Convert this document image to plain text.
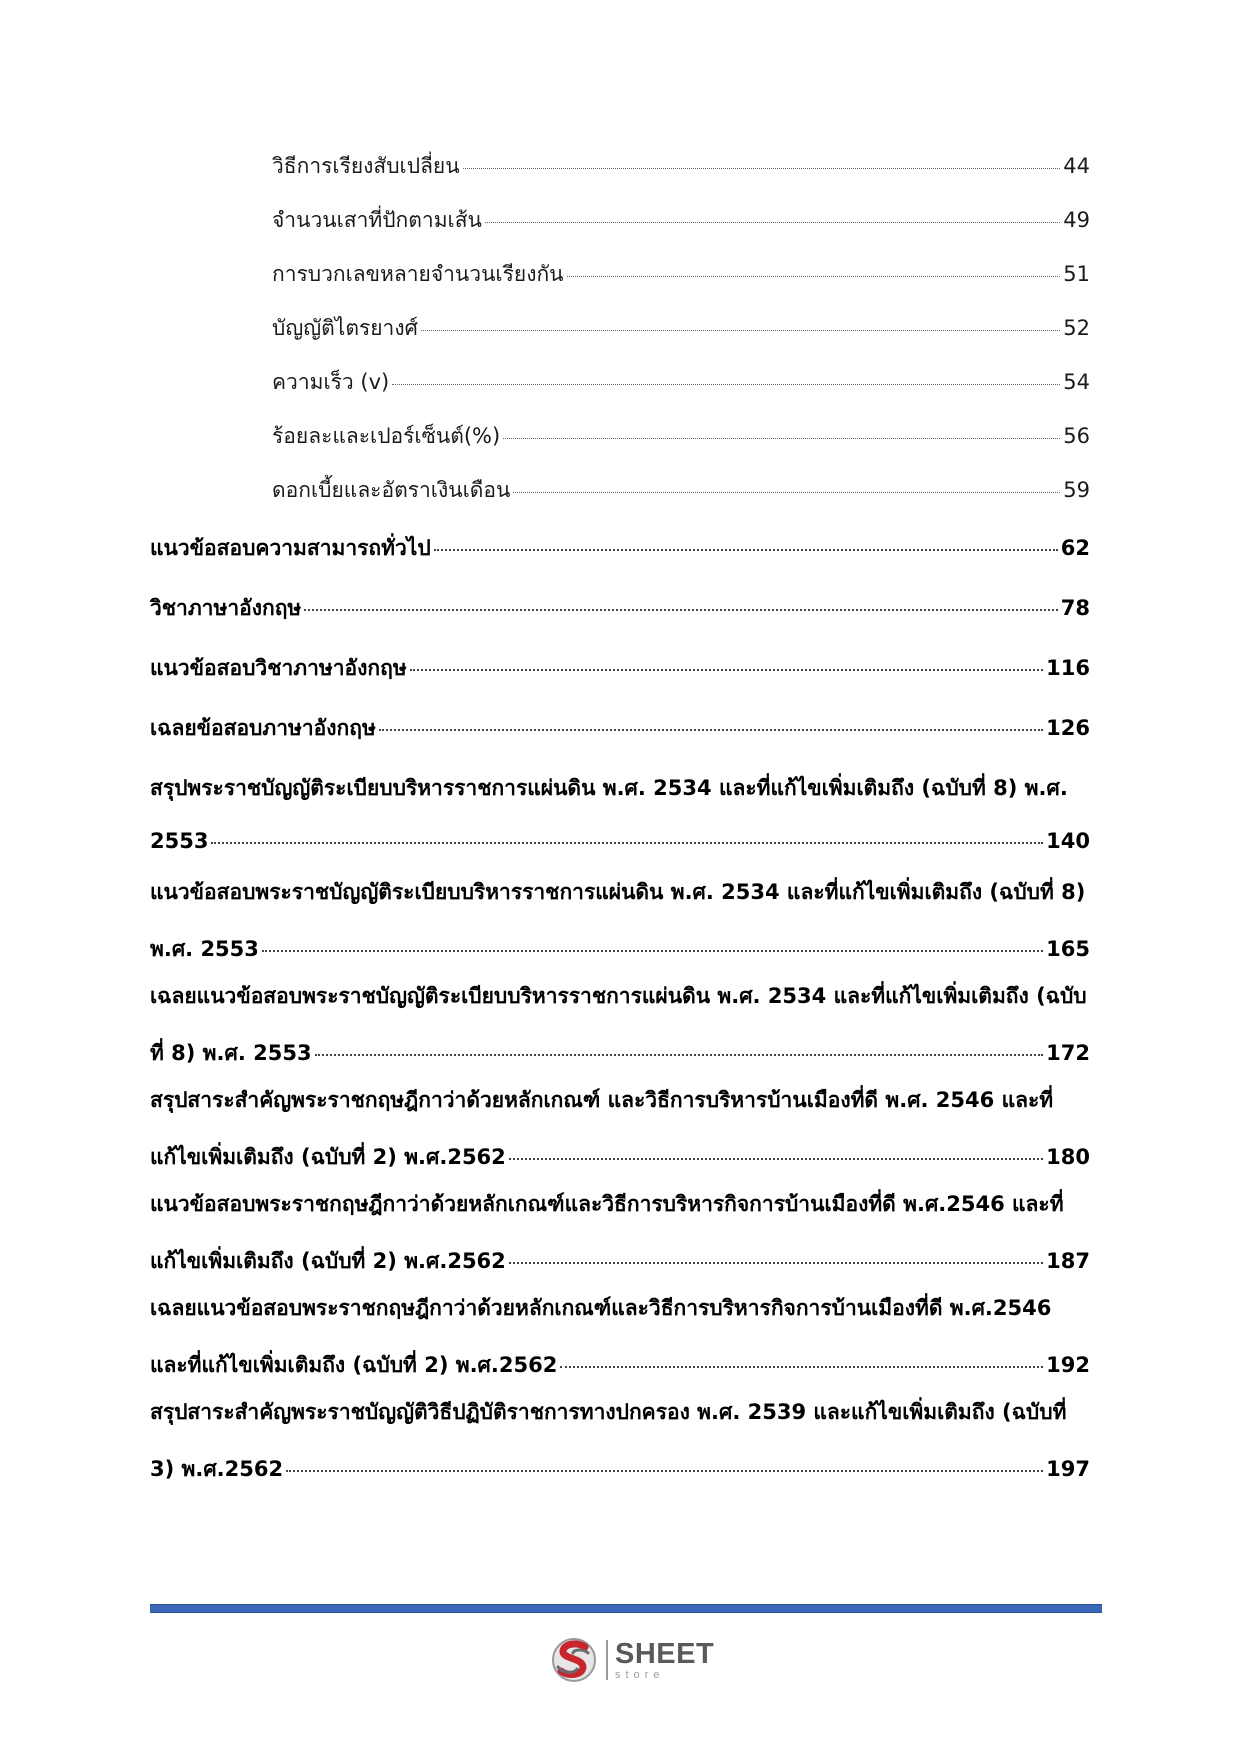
วิธีการเรียงสับเปลี่ยน	44
จำนวนเสาที่ปักตามเส้น	49
การบวกเลขหลายจำนวนเรียงกัน	51
บัญญัติไตรยางศ์	52
ความเร็ว (v)	54
ร้อยละและเปอร์เซ็นต์(%)	56
ดอกเบี้ยและอัตราเงินเดือน	59
แนวข้อสอบความสามารถทั่วไป	62
วิชาภาษาอังกฤษ	78
แนวข้อสอบวิชาภาษาอังกฤษ	116
เฉลยข้อสอบภาษาอังกฤษ	126
สรุปพระราชบัญญัติระเบียบบริหารราชการแผ่นดิน พ.ศ. 2534 และที่แก้ไขเพิ่มเติมถึง (ฉบับที่ 8) พ.ศ.
2553	140
แนวข้อสอบพระราชบัญญัติระเบียบบริหารราชการแผ่นดิน พ.ศ. 2534 และที่แก้ไขเพิ่มเติมถึง (ฉบับที่ 8)
พ.ศ. 2553	165
เฉลยแนวข้อสอบพระราชบัญญัติระเบียบบริหารราชการแผ่นดิน พ.ศ. 2534 และที่แก้ไขเพิ่มเติมถึง (ฉบับ
ที่ 8) พ.ศ. 2553	172
สรุปสาระสำคัญพระราชกฤษฎีกาว่าด้วยหลักเกณฑ์ และวิธีการบริหารบ้านเมืองที่ดี พ.ศ. 2546 และที่
แก้ไขเพิ่มเติมถึง (ฉบับที่ 2) พ.ศ.2562	180
แนวข้อสอบพระราชกฤษฎีกาว่าด้วยหลักเกณฑ์และวิธีการบริหารกิจการบ้านเมืองที่ดี พ.ศ.2546 และที่
แก้ไขเพิ่มเติมถึง (ฉบับที่ 2) พ.ศ.2562	187
เฉลยแนวข้อสอบพระราชกฤษฎีกาว่าด้วยหลักเกณฑ์และวิธีการบริหารกิจการบ้านเมืองที่ดี พ.ศ.2546
และที่แก้ไขเพิ่มเติมถึง (ฉบับที่ 2) พ.ศ.2562	192
สรุปสาระสำคัญพระราชบัญญัติวิธีปฏิบัติราชการทางปกครอง พ.ศ. 2539 และแก้ไขเพิ่มเติมถึง (ฉบับที่
3) พ.ศ.2562	197
SHEET
store
